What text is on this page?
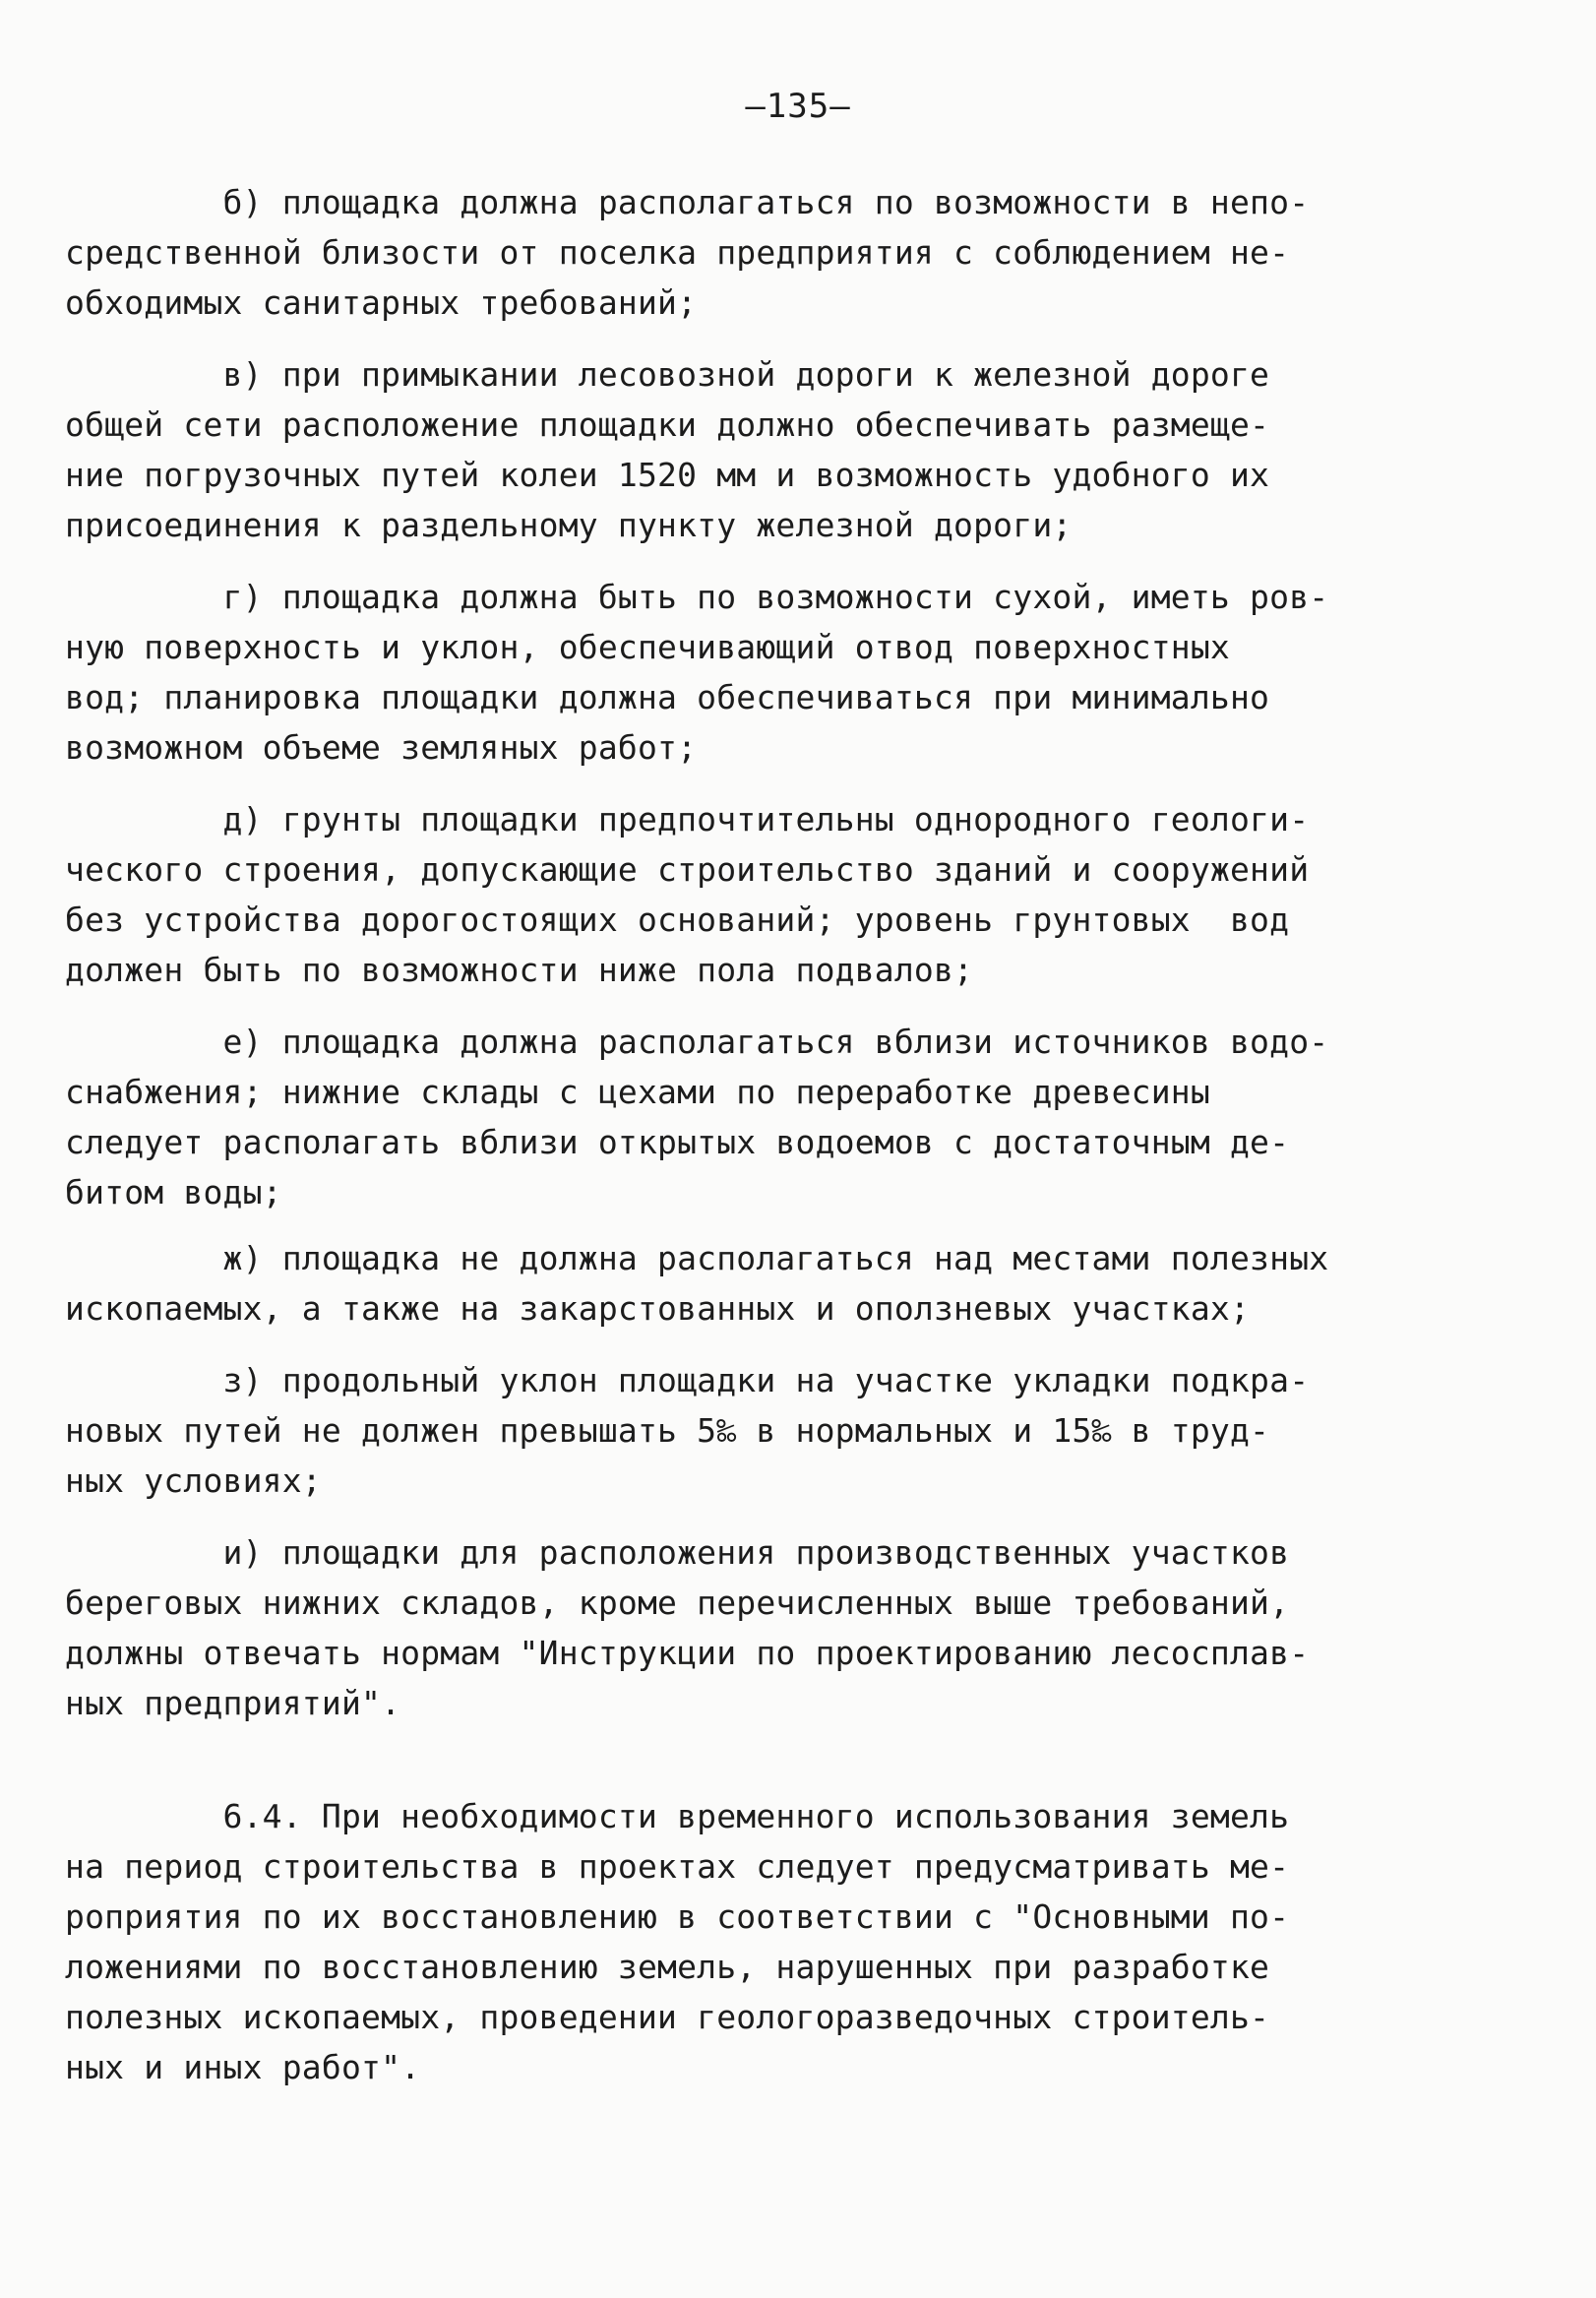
—135—

б) площадка должна располагаться по возможности в непо-
средственной близости от поселка предприятия с соблюдением не-
обходимых санитарных требований;

в) при примыкании лесовозной дороги к железной дороге
общей сети расположение площадки должно обеспечивать размеще-
ние погрузочных путей колеи 1520 мм и возможность удобного их
присоединения к раздельному пункту железной дороги;

г) площадка должна быть по возможности сухой, иметь ров-
ную поверхность и уклон, обеспечивающий отвод поверхностных
вод; планировка площадки должна обеспечиваться при минимально
возможном объеме земляных работ;

д) грунты площадки предпочтительны однородного геологи-
ческого строения, допускающие строительство зданий и сооружений
без устройства дорогостоящих оснований; уровень грунтовых  вод
должен быть по возможности ниже пола подвалов;

е) площадка должна располагаться вблизи источников водо-
снабжения; нижние склады с цехами по переработке древесины
следует располагать вблизи открытых водоемов с достаточным де-
битом воды;

ж) площадка не должна располагаться над местами полезных
ископаемых, а также на закарстованных и оползневых участках;

з) продольный уклон площадки на участке укладки подкра-
новых путей не должен превышать 5‰ в нормальных и 15‰ в труд-
ных условиях;

и) площадки для расположения производственных участков
береговых нижних складов, кроме перечисленных выше требований,
должны отвечать нормам "Инструкции по проектированию лесосплав-
ных предприятий".

6.4. При необходимости временного использования земель
на период строительства в проектах следует предусматривать ме-
роприятия по их восстановлению в соответствии с "Основными по-
ложениями по восстановлению земель, нарушенных при разработке
полезных ископаемых, проведении геологоразведочных строитель-
ных и иных работ".
